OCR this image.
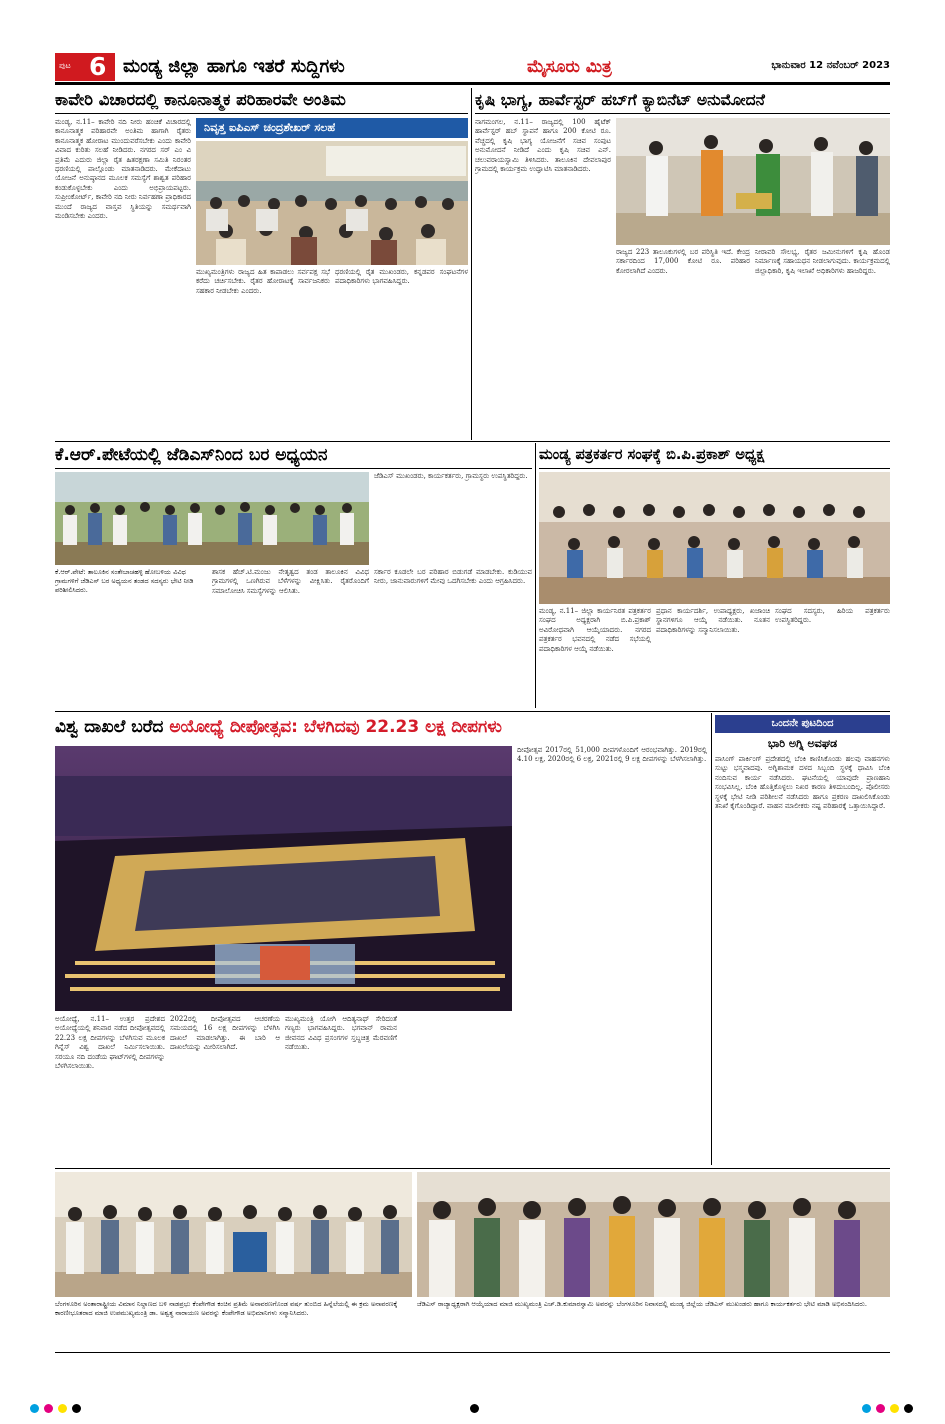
ಪುಟ 6 ಮಂಡ್ಯ ಜಿಲ್ಲಾ ಹಾಗೂ ಇತರೆ ಸುದ್ದಿಗಳು	ಮೈಸೂರು ಮಿತ್ರ	ಭಾನುವಾರ 12 ನವೆಂಬರ್ 2023
ಕಾವೇರಿ ವಿಚಾರದಲ್ಲಿ ಕಾನೂನಾತ್ಮಕ ಪರಿಹಾರವೇ ಅಂತಿಮ
ಮಂಡ್ಯ, ನ.11– ಕಾವೇರಿ ನದಿ ನೀರು ಹಂಚಿಕೆ ವಿಚಾರದಲ್ಲಿ ಕಾನೂನಾತ್ಮಕ ಪರಿಹಾರವೇ ಅಂತಿಮ ಹಾಗಾಗಿ ರೈತರು ಕಾನೂನಾತ್ಮಕ ಹೋರಾಟ ಮುಂದುವರೆಸಬೇಕು ಎಂದು ಕಾವೇರಿ ವಿವಾದ ಕುರಿತು ಸಲಹೆ ನೀಡಿದರು. ನಗರದ ಸರ್ ಎಂ ವಿ ಪ್ರತಿಮೆ ಎದುರು ಜಿಲ್ಲಾ ರೈತ ಹಿತರಕ್ಷಣಾ ಸಮಿತಿ ನಿರಂತರ ಧರಣಿಯಲ್ಲಿ ಪಾಲ್ಗೊಂಡು ಮಾತನಾಡಿದರು. ಮೇಕೆದಾಟು ಯೋಜನೆ ಅನುಷ್ಠಾನದ ಮೂಲಕ ಸಮಸ್ಯೆಗೆ ಶಾಶ್ವತ ಪರಿಹಾರ ಕಂಡುಕೊಳ್ಳಬೇಕು ಎಂದು ಅಭಿಪ್ರಾಯಪಟ್ಟರು. ಸುಪ್ರೀಂಕೋರ್ಟ್, ಕಾವೇರಿ ನದಿ ನೀರು ನಿರ್ವಹಣಾ ಪ್ರಾಧಿಕಾರದ ಮುಂದೆ ರಾಜ್ಯದ ವಾಸ್ತವ ಸ್ಥಿತಿಯನ್ನು ಸಮರ್ಥವಾಗಿ ಮಂಡಿಸಬೇಕು ಎಂದರು.
ನಿವೃತ್ತ ಐಪಿಎಸ್ ಚಂದ್ರಶೇಖರ್ ಸಲಹೆ
ಮುಖ್ಯಮಂತ್ರಿಗಳು ರಾಜ್ಯದ ಹಿತ ಕಾಪಾಡಲು ಸರ್ವಪಕ್ಷ ಸಭೆ ಕರೆದು ಚರ್ಚಿಸಬೇಕು. ರೈತರ ಹೋರಾಟಕ್ಕೆ ಸಾರ್ವಜನಿಕರು ಸಹಕಾರ ನೀಡಬೇಕು ಎಂದರು.
ಧರಣಿಯಲ್ಲಿ ರೈತ ಮುಖಂಡರು, ಕನ್ನಡಪರ ಸಂಘಟನೆಗಳ ಪದಾಧಿಕಾರಿಗಳು ಭಾಗವಹಿಸಿದ್ದರು.
ಕೃಷಿ ಭಾಗ್ಯ, ಹಾರ್ವೆಸ್ಟರ್ ಹಬ್‌ಗೆ ಕ್ಯಾಬಿನೆಟ್ ಅನುಮೋದನೆ
ನಾಗಮಂಗಲ, ನ.11– ರಾಜ್ಯದಲ್ಲಿ 100 ಹೈಟೆಕ್ ಹಾರ್ವೆಸ್ಟರ್ ಹಬ್ ಸ್ಥಾಪನೆ ಹಾಗೂ 200 ಕೋಟಿ ರೂ. ವೆಚ್ಚದಲ್ಲಿ ಕೃಷಿ ಭಾಗ್ಯ ಯೋಜನೆಗೆ ಸಚಿವ ಸಂಪುಟ ಅನುಮೋದನೆ ನೀಡಿದೆ ಎಂದು ಕೃಷಿ ಸಚಿವ ಎನ್. ಚಲುವರಾಯಸ್ವಾಮಿ ತಿಳಿಸಿದರು. ತಾಲೂಕಿನ ದೇವಲಾಪುರ ಗ್ರಾಮದಲ್ಲಿ ಕಾರ್ಯಕ್ರಮ ಉದ್ಘಾಟಿಸಿ ಮಾತನಾಡಿದರು.
ರಾಜ್ಯದ 223 ತಾಲೂಕುಗಳಲ್ಲಿ ಬರ ಪರಿಸ್ಥಿತಿ ಇದೆ. ಕೇಂದ್ರ ಸರ್ಕಾರದಿಂದ 17,000 ಕೋಟಿ ರೂ. ಪರಿಹಾರ ಕೋರಲಾಗಿದೆ ಎಂದರು.
ನೀರಾವರಿ ಸೌಲಭ್ಯ, ರೈತರ ಜಮೀನುಗಳಿಗೆ ಕೃಷಿ ಹೊಂಡ ನಿರ್ಮಾಣಕ್ಕೆ ಸಹಾಯಧನ ನೀಡಲಾಗುವುದು. ಕಾರ್ಯಕ್ರಮದಲ್ಲಿ ಜಿಲ್ಲಾಧಿಕಾರಿ, ಕೃಷಿ ಇಲಾಖೆ ಅಧಿಕಾರಿಗಳು ಹಾಜರಿದ್ದರು.
ಕೆ.ಆರ್.ಪೇಟೆಯಲ್ಲಿ ಜೆಡಿಎಸ್‌ನಿಂದ ಬರ ಅಧ್ಯಯನ
ಜೆಡಿಎಸ್ ಮುಖಂಡರು, ಕಾರ್ಯಕರ್ತರು, ಗ್ರಾಮಸ್ಥರು ಉಪಸ್ಥಿತರಿದ್ದರು.
ಕೆ.ಆರ್.ಪೇಟೆ: ತಾಲೂಕಿನ ಸಂತೇಬಾಚಹಳ್ಳಿ ಹೋಬಳಿಯ ವಿವಿಧ ಗ್ರಾಮಗಳಿಗೆ ಜೆಡಿಎಸ್ ಬರ ಅಧ್ಯಯನ ತಂಡದ ಸದಸ್ಯರು ಭೇಟಿ ನೀಡಿ ಪರಿಶೀಲಿಸಿದರು.
ಶಾಸಕ ಹೆಚ್.ಟಿ.ಮಂಜು ನೇತೃತ್ವದ ತಂಡ ತಾಲೂಕಿನ ವಿವಿಧ ಗ್ರಾಮಗಳಲ್ಲಿ ಒಣಗಿರುವ ಬೆಳೆಗಳನ್ನು ವೀಕ್ಷಿಸಿತು. ರೈತರೊಂದಿಗೆ ಸಮಾಲೋಚಿಸಿ ಸಮಸ್ಯೆಗಳನ್ನು ಆಲಿಸಿತು.
ಸರ್ಕಾರ ಕೂಡಲೇ ಬರ ಪರಿಹಾರ ಬಿಡುಗಡೆ ಮಾಡಬೇಕು. ಕುಡಿಯುವ ನೀರು, ಜಾನುವಾರುಗಳಿಗೆ ಮೇವು ಒದಗಿಸಬೇಕು ಎಂದು ಆಗ್ರಹಿಸಿದರು.
ಮಂಡ್ಯ ಪತ್ರಕರ್ತರ ಸಂಘಕ್ಕೆ ಬಿ.ಪಿ.ಪ್ರಕಾಶ್ ಅಧ್ಯಕ್ಷ
ಮಂಡ್ಯ, ನ.11– ಜಿಲ್ಲಾ ಕಾರ್ಯನಿರತ ಪತ್ರಕರ್ತರ ಸಂಘದ ಅಧ್ಯಕ್ಷರಾಗಿ ಬಿ.ಪಿ.ಪ್ರಕಾಶ್ ಅವಿರೋಧವಾಗಿ ಆಯ್ಕೆಯಾದರು. ನಗರದ ಪತ್ರಕರ್ತರ ಭವನದಲ್ಲಿ ನಡೆದ ಸಭೆಯಲ್ಲಿ ಪದಾಧಿಕಾರಿಗಳ ಆಯ್ಕೆ ನಡೆಯಿತು.
ಪ್ರಧಾನ ಕಾರ್ಯದರ್ಶಿ, ಉಪಾಧ್ಯಕ್ಷರು, ಖಜಾಂಚಿ ಸ್ಥಾನಗಳಿಗೂ ಆಯ್ಕೆ ನಡೆಯಿತು. ನೂತನ ಪದಾಧಿಕಾರಿಗಳನ್ನು ಸನ್ಮಾನಿಸಲಾಯಿತು.
ಸಂಘದ ಸದಸ್ಯರು, ಹಿರಿಯ ಪತ್ರಕರ್ತರು ಉಪಸ್ಥಿತರಿದ್ದರು.
ವಿಶ್ವ ದಾಖಲೆ ಬರೆದ ಅಯೋಧ್ಯೆ ದೀಪೋತ್ಸವ: ಬೆಳಗಿದವು 22.23 ಲಕ್ಷ ದೀಪಗಳು
ಅಯೋಧ್ಯೆ, ನ.11– ಉತ್ತರ ಪ್ರದೇಶದ ಅಯೋಧ್ಯೆಯಲ್ಲಿ ಶನಿವಾರ ನಡೆದ ದೀಪೋತ್ಸವದಲ್ಲಿ 22.23 ಲಕ್ಷ ದೀಪಗಳನ್ನು ಬೆಳಗಿಸುವ ಮೂಲಕ ಗಿನ್ನೆಸ್ ವಿಶ್ವ ದಾಖಲೆ ನಿರ್ಮಿಸಲಾಯಿತು. ಸರಯೂ ನದಿ ದಂಡೆಯ ಘಾಟ್‌ಗಳಲ್ಲಿ ದೀಪಗಳನ್ನು ಬೆಳಗಿಸಲಾಯಿತು.
2022ರಲ್ಲಿ ದೀಪೋತ್ಸವದ ಆಚರಣೆಯ ಸಮಯದಲ್ಲಿ 16 ಲಕ್ಷ ದೀಪಗಳನ್ನು ಬೆಳಗಿಸಿ ದಾಖಲೆ ಮಾಡಲಾಗಿತ್ತು. ಈ ಬಾರಿ ಆ ದಾಖಲೆಯನ್ನು ಮೀರಿಸಲಾಗಿದೆ.
ಮುಖ್ಯಮಂತ್ರಿ ಯೋಗಿ ಆದಿತ್ಯನಾಥ್ ಸೇರಿದಂತೆ ಗಣ್ಯರು ಭಾಗವಹಿಸಿದ್ದರು. ಭಗವಾನ್ ರಾಮನ ಜೀವನದ ವಿವಿಧ ಪ್ರಸಂಗಗಳ ಸ್ತಬ್ಧಚಿತ್ರ ಮೆರವಣಿಗೆ ನಡೆಯಿತು.
ದೀಪೋತ್ಸವ 2017ರಲ್ಲಿ 51,000 ದೀಪಗಳೊಂದಿಗೆ ಆರಂಭವಾಗಿತ್ತು. 2019ರಲ್ಲಿ 4.10 ಲಕ್ಷ, 2020ರಲ್ಲಿ 6 ಲಕ್ಷ, 2021ರಲ್ಲಿ 9 ಲಕ್ಷ ದೀಪಗಳನ್ನು ಬೆಳಗಿಸಲಾಗಿತ್ತು.
ಒಂದನೇ ಪುಟದಿಂದ
ಭಾರಿ ಅಗ್ನಿ ಅವಘಡ
ಪಾಸಿಂಗ್ ಪಾರ್ಕಿಂಗ್ ಪ್ರದೇಶದಲ್ಲಿ ಬೆಂಕಿ ಕಾಣಿಸಿಕೊಂಡು ಹಲವು ವಾಹನಗಳು ಸುಟ್ಟು ಭಸ್ಮವಾದವು. ಅಗ್ನಿಶಾಮಕ ದಳದ ಸಿಬ್ಬಂದಿ ಸ್ಥಳಕ್ಕೆ ಧಾವಿಸಿ ಬೆಂಕಿ ನಂದಿಸುವ ಕಾರ್ಯ ನಡೆಸಿದರು. ಘಟನೆಯಲ್ಲಿ ಯಾವುದೇ ಪ್ರಾಣಹಾನಿ ಸಂಭವಿಸಿಲ್ಲ. ಬೆಂಕಿ ಹೊತ್ತಿಕೊಳ್ಳಲು ನಿಖರ ಕಾರಣ ತಿಳಿದುಬಂದಿಲ್ಲ. ಪೊಲೀಸರು ಸ್ಥಳಕ್ಕೆ ಭೇಟಿ ನೀಡಿ ಪರಿಶೀಲನೆ ನಡೆಸಿದರು ಹಾಗೂ ಪ್ರಕರಣ ದಾಖಲಿಸಿಕೊಂಡು ತನಿಖೆ ಕೈಗೊಂಡಿದ್ದಾರೆ. ವಾಹನ ಮಾಲೀಕರು ನಷ್ಟ ಪರಿಹಾರಕ್ಕೆ ಒತ್ತಾಯಿಸಿದ್ದಾರೆ.
ಬೆಂಗಳೂರಿನ ಅಂತಾರಾಷ್ಟ್ರೀಯ ವಿಮಾನ ನಿಲ್ದಾಣದ ಬಳಿ ನಾಡಪ್ರಭು ಕೆಂಪೇಗೌಡ ಕಂಚಿನ ಪ್ರತಿಮೆ ಅನಾವರಣಗೊಂಡ ವರ್ಷ ತುಂಬಿದ ಹಿನ್ನೆಲೆಯಲ್ಲಿ ಈ ಕ್ರಮ ಅನಾವರಣಕ್ಕೆ ಕಾರಣೀಭೂತರಾದ ಮಾಜಿ ಉಪಮುಖ್ಯಮಂತ್ರಿ ಡಾ. ಅಶ್ವತ್ಥ ನಾರಾಯಣ ಅವರನ್ನು ಕೆಂಪೇಗೌಡ ಅಭಿಮಾನಿಗಳು ಸನ್ಮಾನಿಸಿದರು.
ಜೆಡಿಎಸ್ ರಾಜ್ಯಾಧ್ಯಕ್ಷರಾಗಿ ಆಯ್ಕೆಯಾದ ಮಾಜಿ ಮುಖ್ಯಮಂತ್ರಿ ಎಚ್.ಡಿ.ಕುಮಾರಸ್ವಾಮಿ ಅವರನ್ನು ಬೆಂಗಳೂರಿನ ನಿವಾಸದಲ್ಲಿ ಮಂಡ್ಯ ಜಿಲ್ಲೆಯ ಜೆಡಿಎಸ್ ಮುಖಂಡರು ಹಾಗೂ ಕಾರ್ಯಕರ್ತರು ಭೇಟಿ ಮಾಡಿ ಅಭಿನಂದಿಸಿದರು.
